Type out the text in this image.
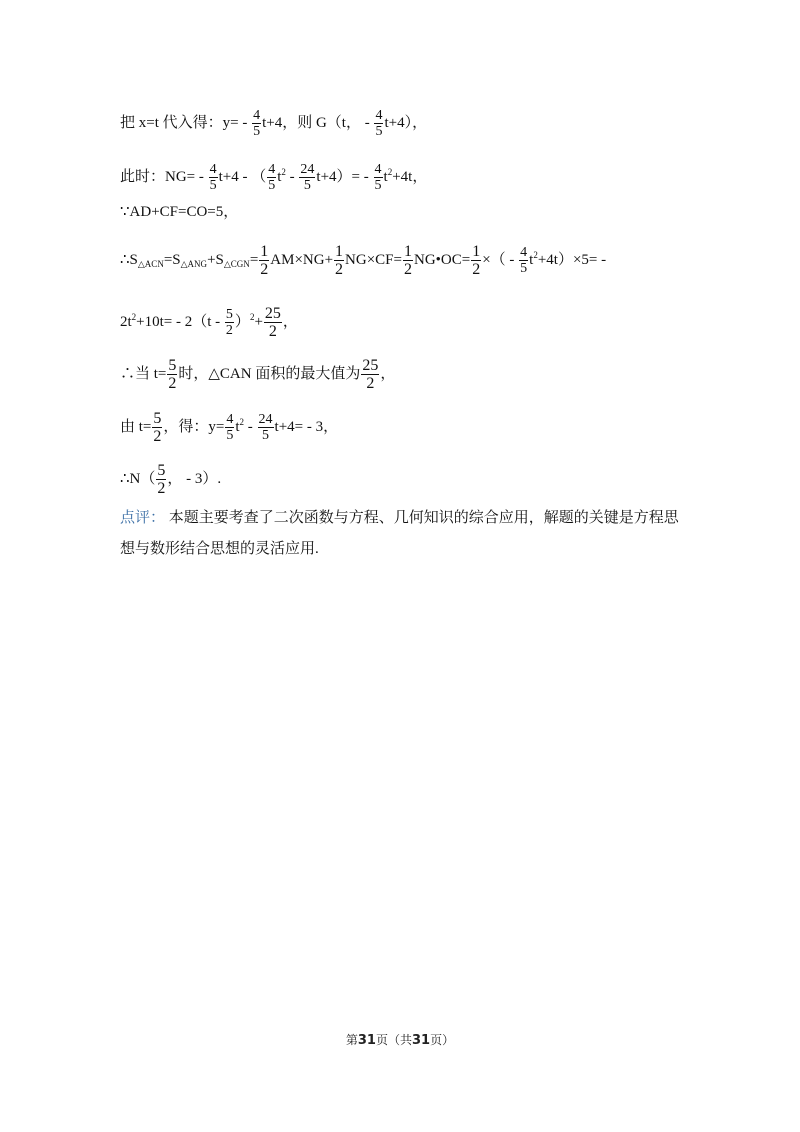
把 x=t 代入得：$y= - \frac{4}{5} t+4$，则 G（t， - $\frac{4}{5} t+4$），
此时：$NG= - \frac{4}{5} t+4$ - （ $\frac{4}{5} t^2 - \frac{24}{5} t+4)= - \frac{4}{5} t^2+4t$，
∵AD+CF=CO=5，
$\therefore S_{\triangle ACN}=S_{\triangle ANG}+S_{\triangle CGN}= \frac{1}{2} AM\times NG+ \frac{1}{2} NG\times CF= \frac{1}{2}$ NG•OC= $\frac{1}{2}$ ×（ - $\frac{4}{5} t^2+4t)\times 5=$ -
$2t^2+10t= - 2(t - \frac{5}{2} )^2+ \frac{25}{2}$ ，
∴当 $t= \frac{5}{2}$ 时，△CAN 面积的最大值为 $\frac{25}{2}$ ，
由 $t= \frac{5}{2}$ ，得：$y= \frac{4}{5} t^2 - \frac{24}{5} t+4= - 3$，
∴N（ $\frac{5}{2}$ ， - 3）.
点评： 本题主要考查了二次函数与方程、几何知识的综合应用，解题的关键是方程思想与数形结合思想的灵活应用.
第31页（共31页）
